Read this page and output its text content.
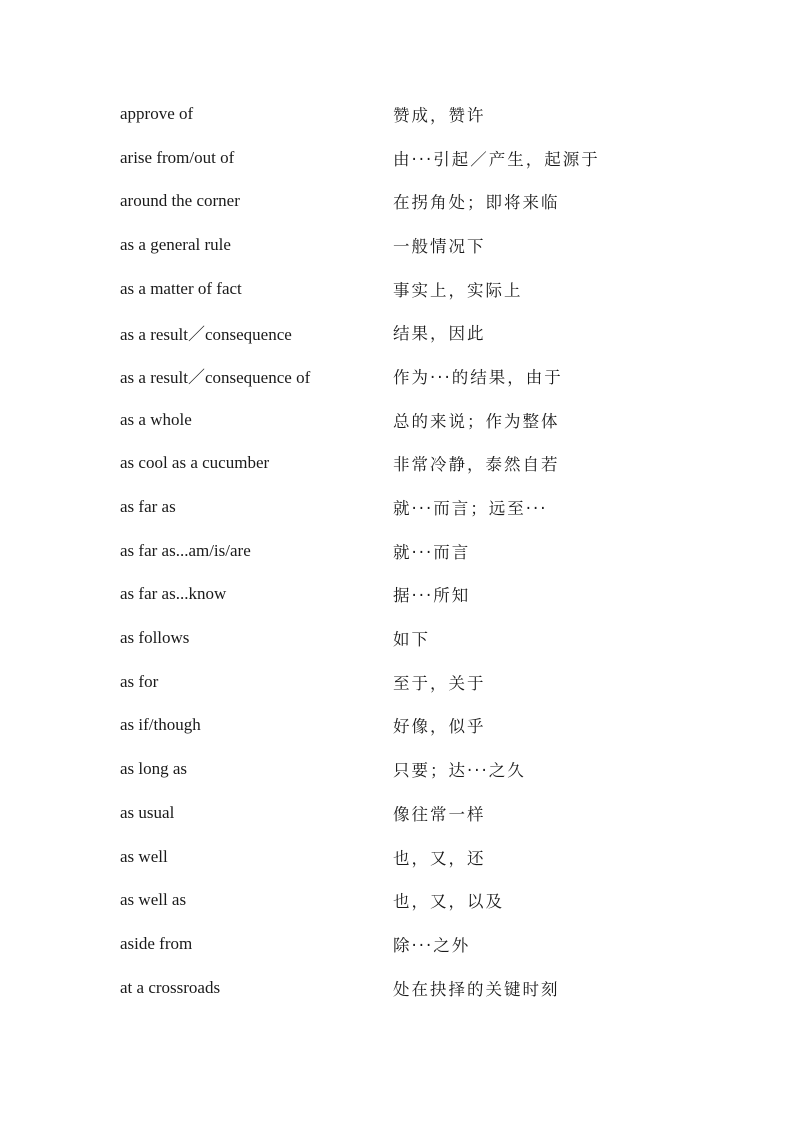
approve of	赞成，赞许
arise from/out of	由···引起／产生，起源于
around the corner	在拐角处；即将来临
as a general rule	一般情况下
as a matter of fact	事实上，实际上
as a result／consequence	结果，因此
as a result／consequence of	作为···的结果，由于
as a whole	总的来说；作为整体
as cool as a cucumber	非常冷静，泰然自若
as far as	就···而言；远至···
as far as...am/is/are	就···而言
as far as...know	据···所知
as follows	如下
as for	至于，关于
as if/though	好像，似乎
as long as	只要；达···之久
as usual	像往常一样
as well	也，又，还
as well as	也，又，以及
aside from	除···之外
at a crossroads	处在抉择的关键时刻
